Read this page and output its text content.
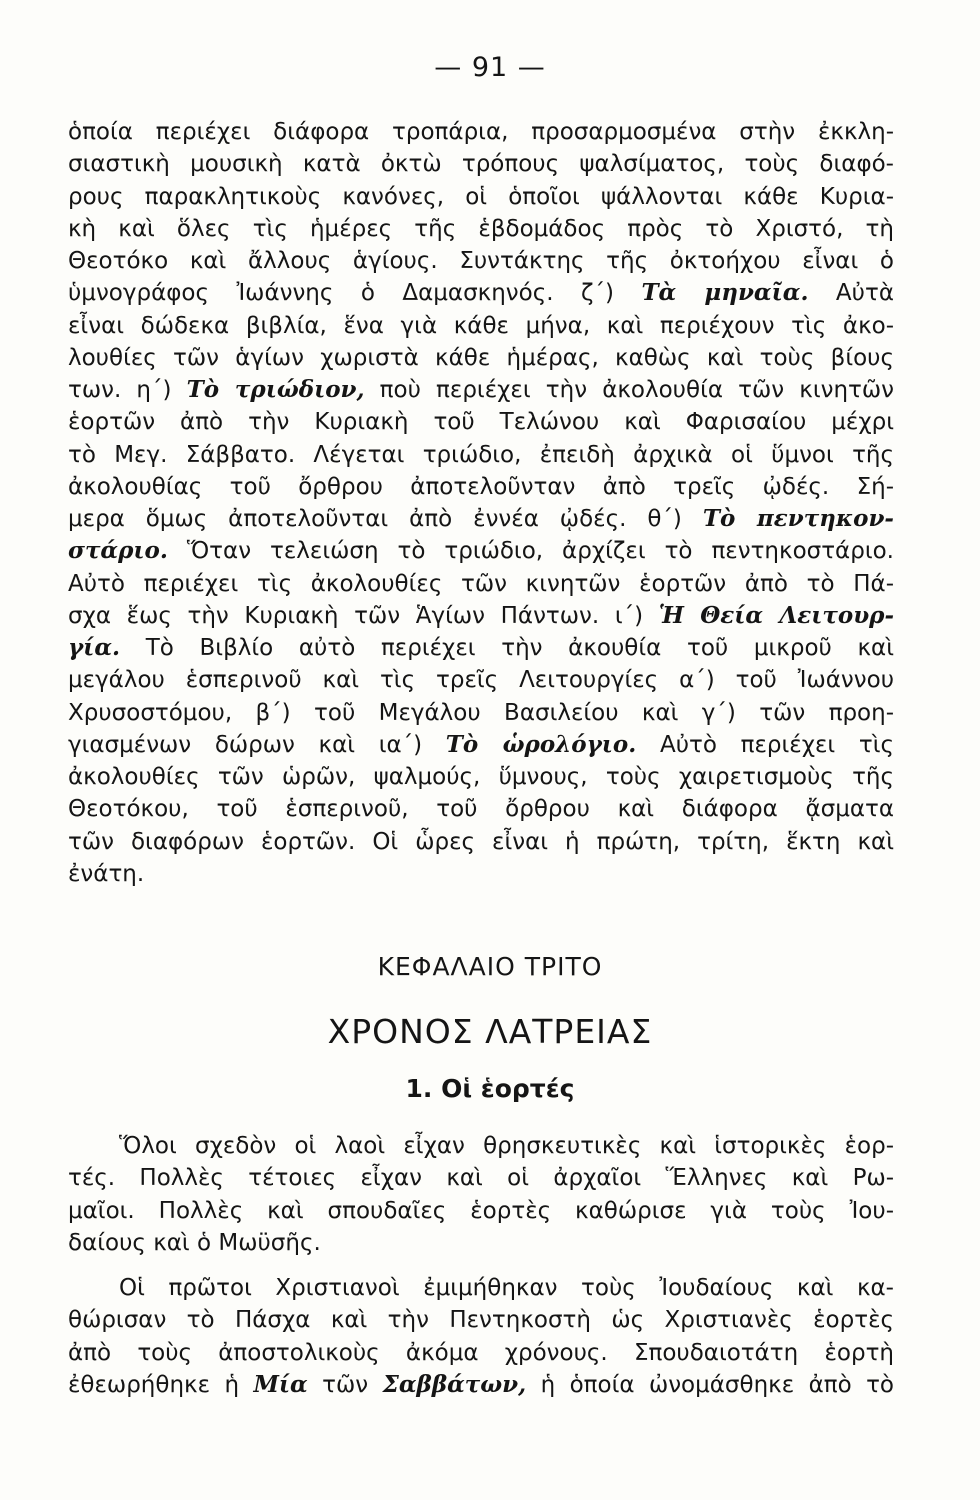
— 91 —

ὁποία περιέχει διάφορα τροπάρια, προσαρμοσμένα στὴν ἐκκλη-

σιαστικὴ μουσικὴ κατὰ ὀκτὼ τρόπους ψαλσίματος, τοὺς διαφό-

ρους παρακλητικοὺς κανόνες, οἱ ὁποῖοι ψάλλονται κάθε Κυρια-

κὴ καὶ ὅλες τὶς ἡμέρες τῆς ἑβδομάδος πρὸς τὸ Χριστό, τὴ

Θεοτόκο καὶ ἄλλους ἁγίους. Συντάκτης τῆς ὀκτοήχου εἶναι ὁ

ὑμνογράφος Ἰωάννης ὁ Δαμασκηνός. ζ΄) Τὰ μηναῖα. Αὐτὰ

εἶναι δώδεκα βιβλία, ἕνα γιὰ κάθε μήνα, καὶ περιέχουν τὶς ἀκο-

λουθίες τῶν ἁγίων χωριστὰ κάθε ἡμέρας, καθὼς καὶ τοὺς βίους

των. η΄) Τὸ τριώδιον, ποὺ περιέχει τὴν ἀκολουθία τῶν κινητῶν

ἑορτῶν ἀπὸ τὴν Κυριακὴ τοῦ Τελώνου καὶ Φαρισαίου μέχρι

τὸ Μεγ. Σάββατο. Λέγεται τριώδιο, ἐπειδὴ ἀρχικὰ οἱ ὕμνοι τῆς

ἀκολουθίας τοῦ ὄρθρου ἀποτελοῦνταν ἀπὸ τρεῖς ᾠδές. Σή-

μερα ὅμως ἀποτελοῦνται ἀπὸ ἐννέα ᾠδές. θ΄) Τὸ πεντηκον-

στάριο. Ὅταν τελειώση τὸ τριώδιο, ἀρχίζει τὸ πεντηκοστάριο.

Αὐτὸ περιέχει τὶς ἀκολουθίες τῶν κινητῶν ἑορτῶν ἀπὸ τὸ Πά-

σχα ἕως τὴν Κυριακὴ τῶν Ἁγίων Πάντων. ι΄) Ἡ Θεία Λειτουρ-

γία. Τὸ Βιβλίο αὐτὸ περιέχει τὴν ἀκουθία τοῦ μικροῦ καὶ

μεγάλου ἑσπερινοῦ καὶ τὶς τρεῖς Λειτουργίες α΄) τοῦ Ἰωάννου

Χρυσοστόμου, β΄) τοῦ Μεγάλου Βασιλείου καὶ γ΄) τῶν προη-

γιασμένων δώρων καὶ ια΄) Τὸ ὡρολόγιο. Αὐτὸ περιέχει τὶς

ἀκολουθίες τῶν ὡρῶν, ψαλμούς, ὕμνους, τοὺς χαιρετισμοὺς τῆς

Θεοτόκου, τοῦ ἑσπερινοῦ, τοῦ ὄρθρου καὶ διάφορα ᾄσματα

τῶν διαφόρων ἑορτῶν. Οἱ ὧρες εἶναι ἡ πρώτη, τρίτη, ἕκτη καὶ

ἐνάτη.

ΚΕΦΑΛΑΙΟ ΤΡΙΤΟ
ΧΡΟΝΟΣ ΛΑΤΡΕΙΑΣ
1. Οἱ ἑορτές

Ὅλοι σχεδὸν οἱ λαοὶ εἶχαν θρησκευτικὲς καὶ ἱστορικὲς ἑορ-

τές. Πολλὲς τέτοιες εἶχαν καὶ οἱ ἀρχαῖοι Ἕλληνες καὶ Ρω-

μαῖοι. Πολλὲς καὶ σπουδαῖες ἑορτὲς καθώρισε γιὰ τοὺς Ἰου-

δαίους καὶ ὁ Μωϋσῆς.

Οἱ πρῶτοι Χριστιανοὶ ἐμιμήθηκαν τοὺς Ἰουδαίους καὶ κα-

θώρισαν τὸ Πάσχα καὶ τὴν Πεντηκοστὴ ὡς Χριστιανὲς ἑορτὲς

ἀπὸ τοὺς ἀποστολικοὺς ἀκόμα χρόνους. Σπουδαιοτάτη ἑορτὴ

ἐθεωρήθηκε ἡ Μία τῶν Σαββάτων, ἡ ὁποία ὠνομάσθηκε ἀπὸ τὸ
